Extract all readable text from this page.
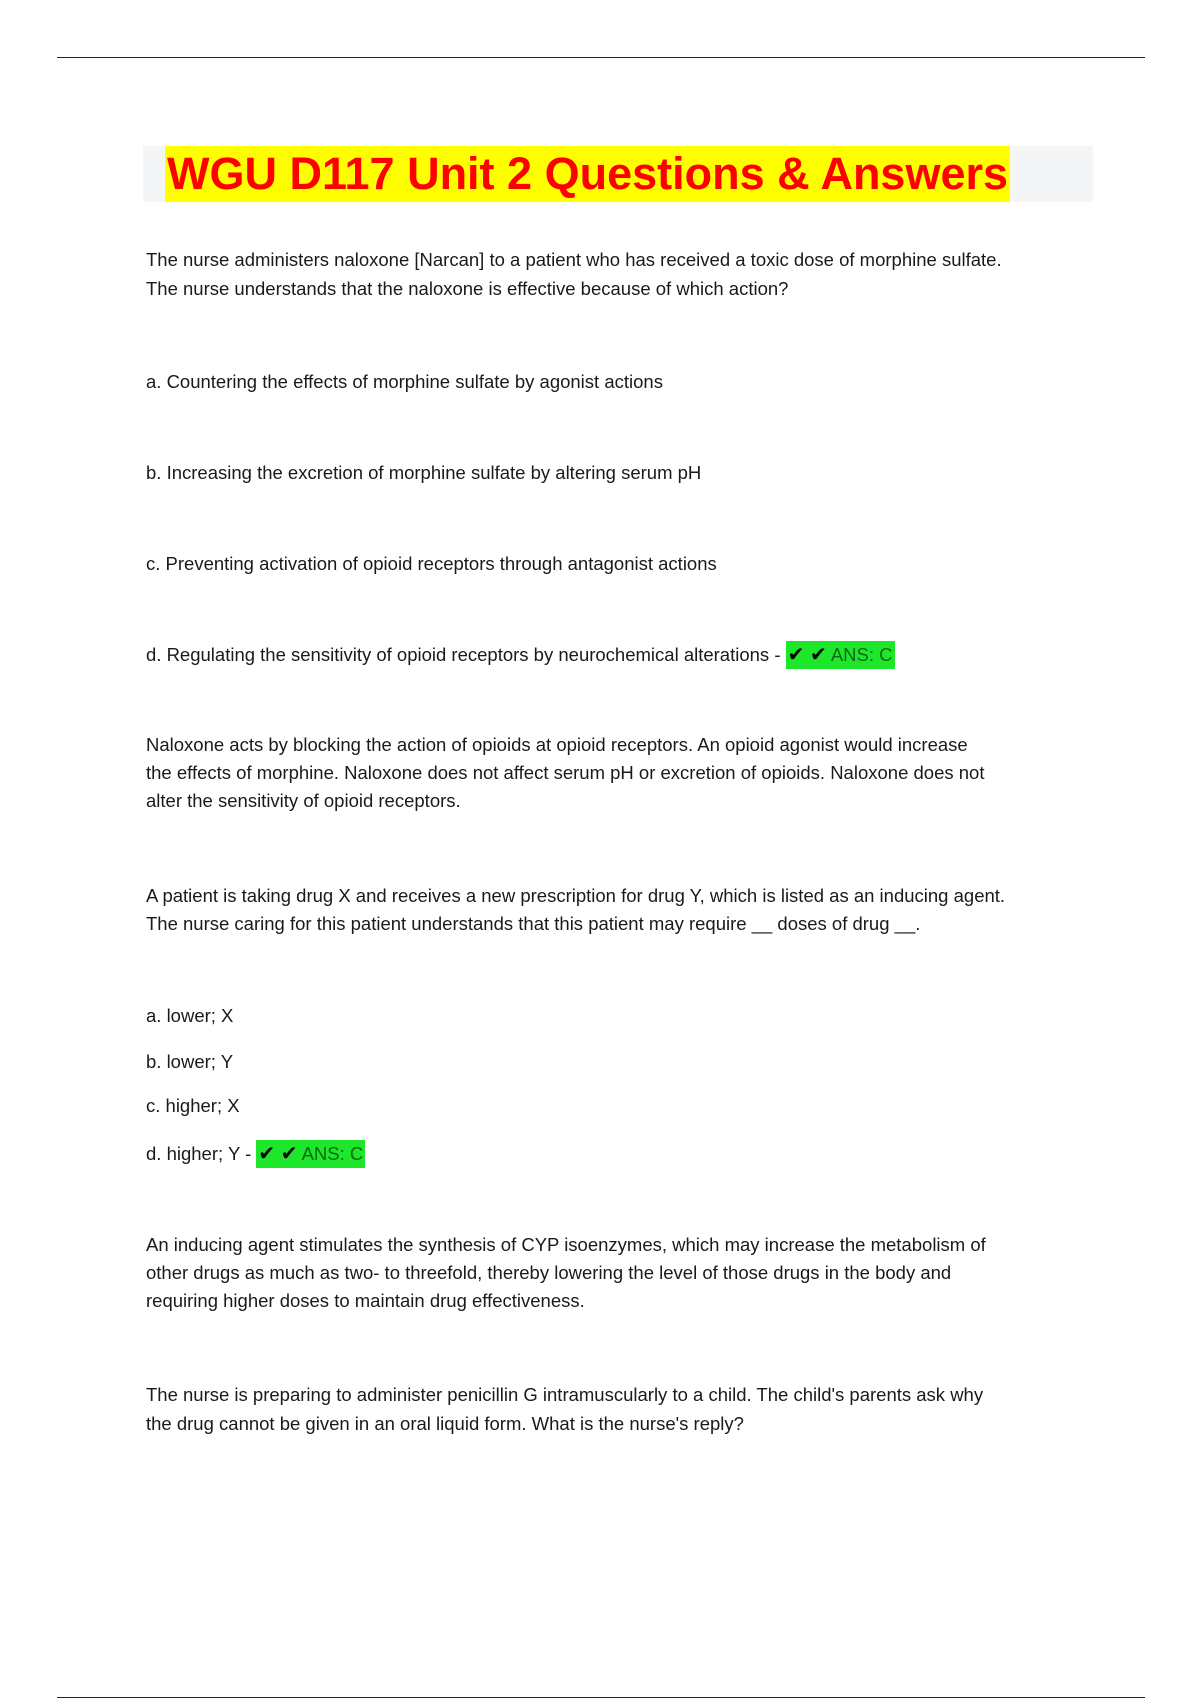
WGU D117 Unit 2 Questions & Answers
The nurse administers naloxone [Narcan] to a patient who has received a toxic dose of morphine sulfate.
The nurse understands that the naloxone is effective because of which action?
a. Countering the effects of morphine sulfate by agonist actions
b. Increasing the excretion of morphine sulfate by altering serum pH
c. Preventing activation of opioid receptors through antagonist actions
d. Regulating the sensitivity of opioid receptors by neurochemical alterations - ✔ ✔ ANS: C
Naloxone acts by blocking the action of opioids at opioid receptors. An opioid agonist would increase
the effects of morphine. Naloxone does not affect serum pH or excretion of opioids. Naloxone does not
alter the sensitivity of opioid receptors.
A patient is taking drug X and receives a new prescription for drug Y, which is listed as an inducing agent.
The nurse caring for this patient understands that this patient may require __ doses of drug __.
a. lower; X
b. lower; Y
c. higher; X
d. higher; Y - ✔ ✔ ANS: C
An inducing agent stimulates the synthesis of CYP isoenzymes, which may increase the metabolism of
other drugs as much as two- to threefold, thereby lowering the level of those drugs in the body and
requiring higher doses to maintain drug effectiveness.
The nurse is preparing to administer penicillin G intramuscularly to a child. The child's parents ask why
the drug cannot be given in an oral liquid form. What is the nurse's reply?
